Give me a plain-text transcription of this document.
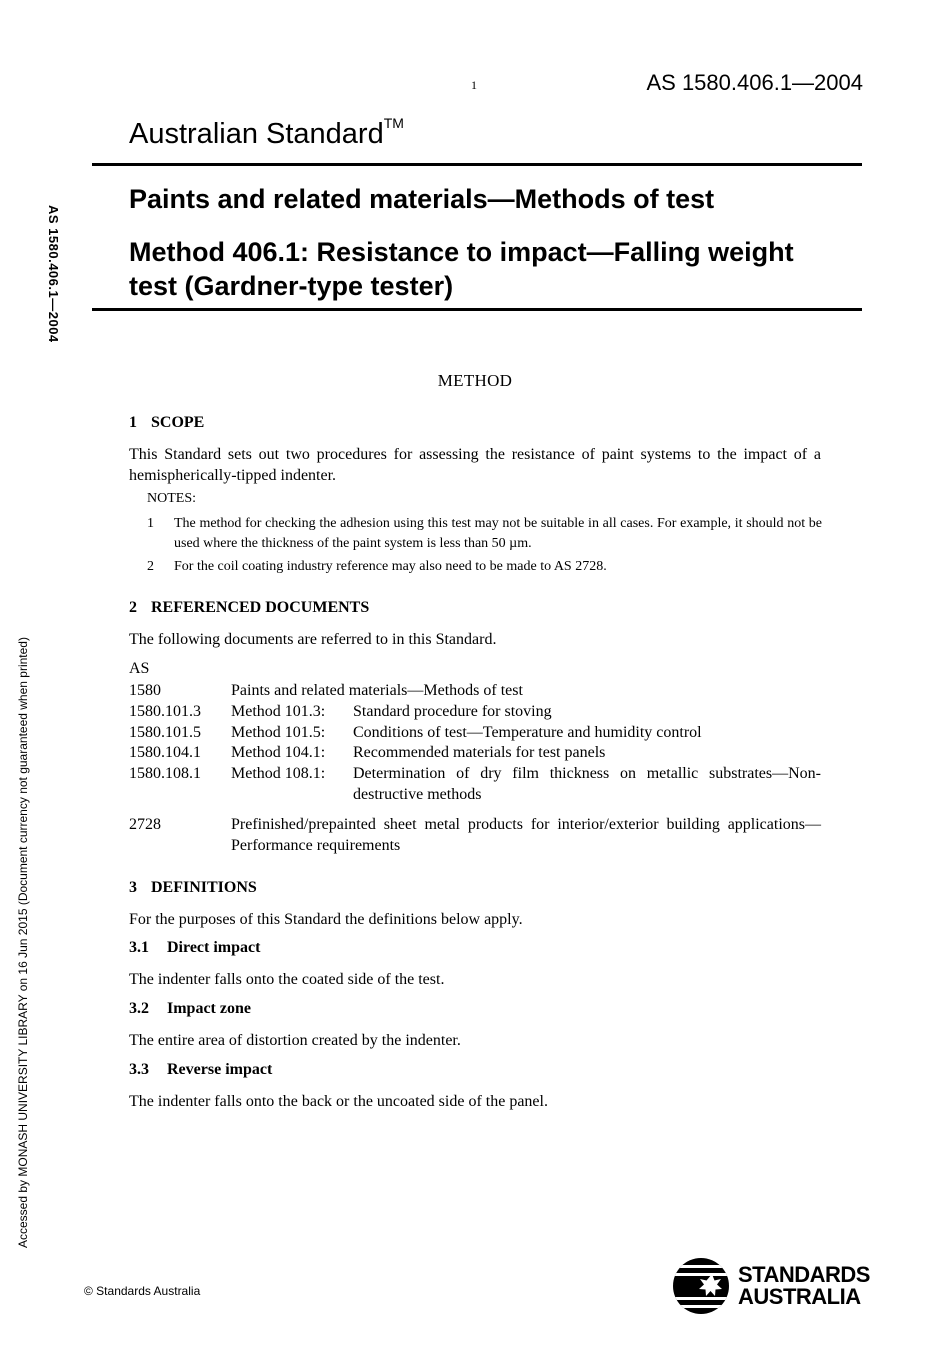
1	AS 1580.406.1—2004
Australian Standard™
Paints and related materials—Methods of test
Method 406.1: Resistance to impact—Falling weight test (Gardner-type tester)
AS 1580.406.1—2004
Accessed by MONASH UNIVERSITY LIBRARY on 16 Jun 2015 (Document currency not guaranteed when printed)
METHOD
1 SCOPE
This Standard sets out two procedures for assessing the resistance of paint systems to the impact of a hemispherically-tipped indenter.
NOTES:
1	The method for checking the adhesion using this test may not be suitable in all cases. For example, it should not be used where the thickness of the paint system is less than 50 µm.
2	For the coil coating industry reference may also need to be made to AS 2728.
2 REFERENCED DOCUMENTS
The following documents are referred to in this Standard.
AS
1580	Paints and related materials—Methods of test
1580.101.3	Method 101.3:	Standard procedure for stoving
1580.101.5	Method 101.5:	Conditions of test—Temperature and humidity control
1580.104.1	Method 104.1:	Recommended materials for test panels
1580.108.1	Method 108.1:	Determination of dry film thickness on metallic substrates—Non-destructive methods
2728	Prefinished/prepainted sheet metal products for interior/exterior building applications—Performance requirements
3 DEFINITIONS
For the purposes of this Standard the definitions below apply.
3.1 Direct impact
The indenter falls onto the coated side of the test.
3.2 Impact zone
The entire area of distortion created by the indenter.
3.3 Reverse impact
The indenter falls onto the back or the uncoated side of the panel.
© Standards Australia
STANDARDS
AUSTRALIA
